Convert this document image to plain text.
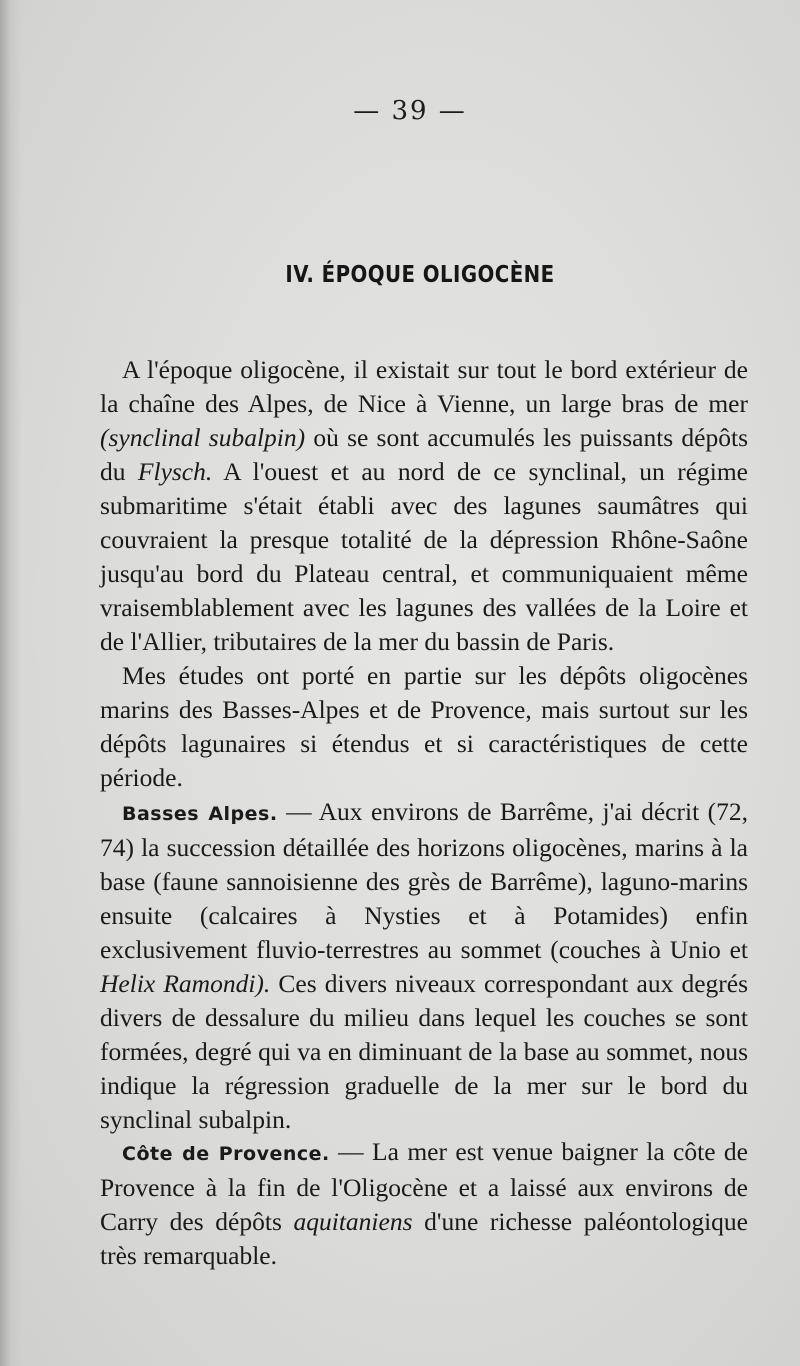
— 39 —
IV. ÉPOQUE OLIGOCÈNE

A l'époque oligocène, il existait sur tout le bord extérieur de la chaîne des Alpes, de Nice à Vienne, un large bras de mer (synclinal subalpin) où se sont accumulés les puissants dépôts du Flysch. A l'ouest et au nord de ce synclinal, un régime submaritime s'était établi avec des lagunes saumâtres qui couvraient la presque totalité de la dépression Rhône-Saône jusqu'au bord du Plateau central, et communiquaient même vraisemblablement avec les lagunes des vallées de la Loire et de l'Allier, tributaires de la mer du bassin de Paris.

Mes études ont porté en partie sur les dépôts oligocènes marins des Basses-Alpes et de Provence, mais surtout sur les dépôts lagunaires si étendus et si caractéristiques de cette période.

Basses Alpes. — Aux environs de Barrême, j'ai décrit (72, 74) la succession détaillée des horizons oligocènes, marins à la base (faune sannoisienne des grès de Barrême), laguno-marins ensuite (calcaires à Nysties et à Potamides) enfin exclusivement fluvio-terrestres au sommet (couches à Unio et Helix Ramondi). Ces divers niveaux correspondant aux degrés divers de dessalure du milieu dans lequel les couches se sont formées, degré qui va en diminuant de la base au sommet, nous indique la régression graduelle de la mer sur le bord du synclinal subalpin.

Côte de Provence. — La mer est venue baigner la côte de Provence à la fin de l'Oligocène et a laissé aux environs de Carry des dépôts aquitaniens d'une richesse paléontologique très remarquable.
